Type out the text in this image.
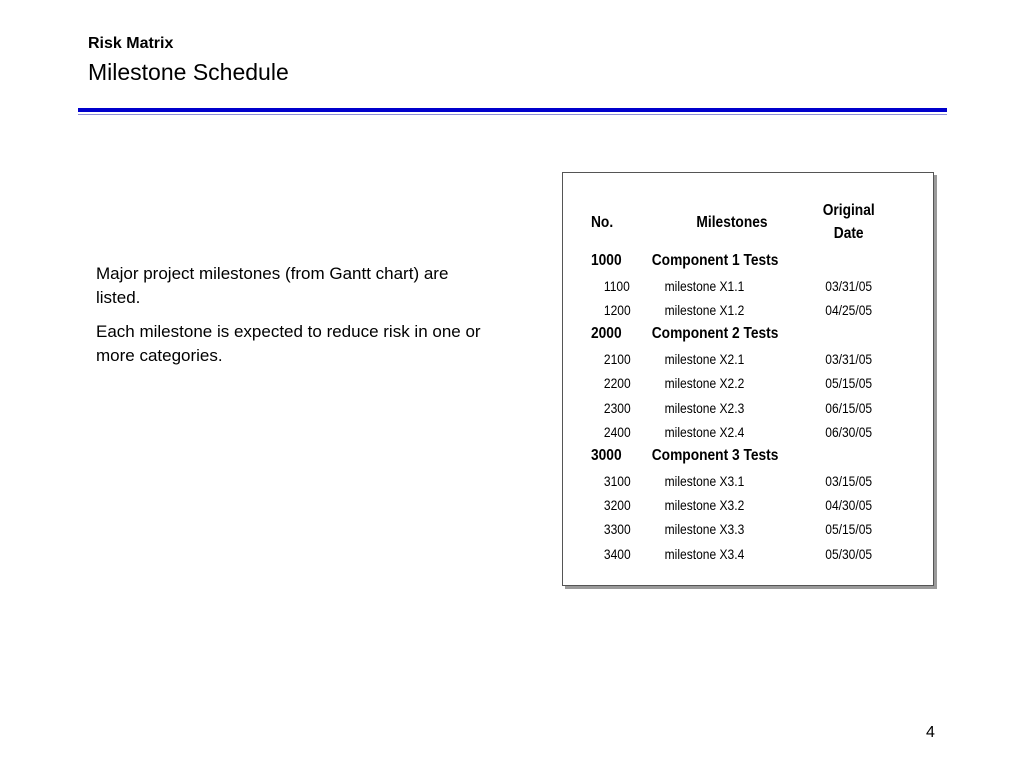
Risk Matrix
Milestone Schedule

Major project milestones (from Gantt chart) are listed.

Each milestone is expected to reduce risk in one or more categories.

No.	Milestones	Original
Date
1000	Component 1 Tests	
1100	milestone X1.1	03/31/05
1200	milestone X1.2	04/25/05
2000	Component 2 Tests	
2100	milestone X2.1	03/31/05
2200	milestone X2.2	05/15/05
2300	milestone X2.3	06/15/05
2400	milestone X2.4	06/30/05
3000	Component 3 Tests	
3100	milestone X3.1	03/15/05
3200	milestone X3.2	04/30/05
3300	milestone X3.3	05/15/05
3400	milestone X3.4	05/30/05
4
